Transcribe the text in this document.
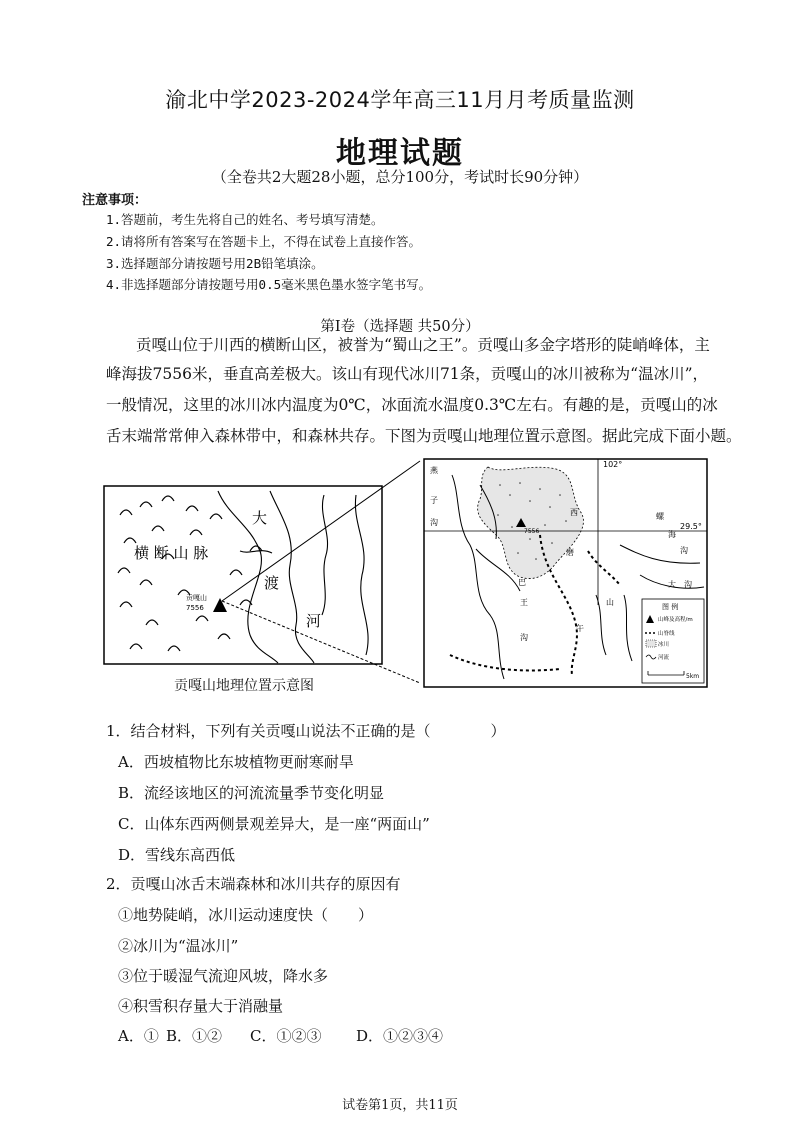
渝北中学2023-2024学年高三11月月考质量监测
地理试题
（全卷共2大题28小题，总分100分，考试时长90分钟）
注意事项：
1.答题前，考生先将自己的姓名、考号填写清楚。
2.请将所有答案写在答题卡上，不得在试卷上直接作答。
3.选择题部分请按题号用2B铅笔填涂。
4.非选择题部分请按题号用0.5毫米黑色墨水签字笔书写。
第Ⅰ卷（选择题 共50分）
贡嘎山位于川西的横断山区，被誉为“蜀山之王”。贡嘎山多金字塔形的陡峭峰体，主
峰海拔7556米，垂直高差极大。该山有现代冰川71条，贡嘎山的冰川被称为“温冰川”，
一般情况，这里的冰川冰内温度为0℃，冰面流水温度0.3℃左右。有趣的是，贡嘎山的冰
舌末端常常伸入森林带中，和森林共存。下图为贡嘎山地理位置示意图。据此完成下面小题。
大
横 断 山 脉
渡
河
贡嘎山
7556
102°
29.5°
7556
燕
子
沟
海
螺
沟
磨
西
巴
王
沟
大 沟
午
山	图 例
山峰及高程/m
山脊线
冰川
河流
5km
贡嘎山地理位置示意图
1．结合材料，下列有关贡嘎山说法不正确的是（　　　　）
A．西坡植物比东坡植物更耐寒耐旱
B．流经该地区的河流流量季节变化明显
C．山体东西两侧景观差异大，是一座“两面山”
D．雪线东高西低
2．贡嘎山冰舌末端森林和冰川共存的原因有
①地势陡峭，冰川运动速度快（　　）
②冰川为“温冰川”
③位于暖湿气流迎风坡，降水多
④积雪积存量大于消融量
A．① B．①② C．①②③ D．①②③④
试卷第1页，共11页
